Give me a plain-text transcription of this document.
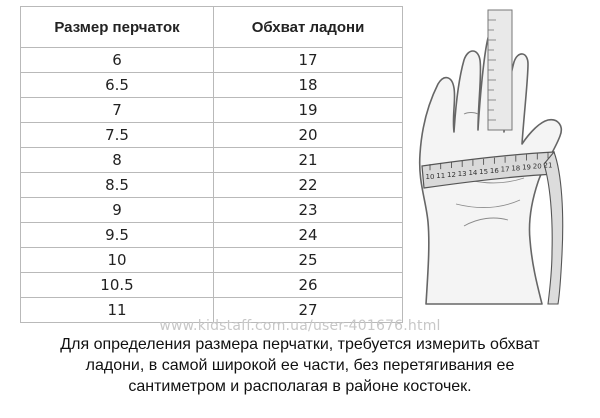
Размер перчаток	Обхват ладони
6	17
6.5	18
7	19
7.5	20
8	21
8.5	22
9	23
9.5	24
10	25
10.5	26
11	27
10 11 12 13 14 15 16 17 18 19 20 21
www.kidstaff.com.ua/user-401676.html
Для определения размера перчатки, требуется измерить обхват
ладони, в самой широкой ее части, без перетягивания ее
сантиметром и располагая в районе косточек.
